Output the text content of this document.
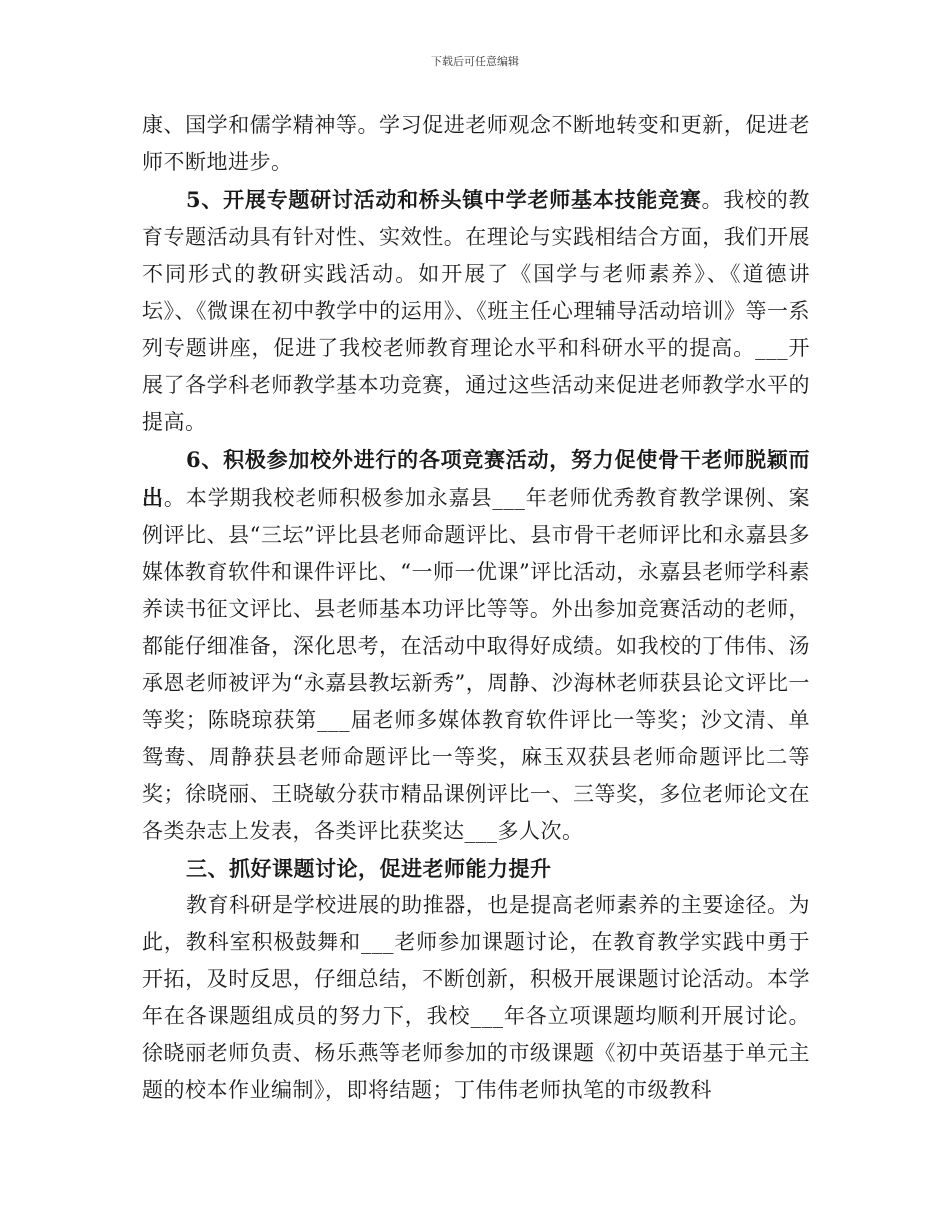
下载后可任意编辑

康、国学和儒学精神等。学习促进老师观念不断地转变和更新，促进老师不断地进步。

5、开展专题研讨活动和桥头镇中学老师基本技能竞赛。我校的教育专题活动具有针对性、实效性。在理论与实践相结合方面，我们开展不同形式的教研实践活动。如开展了《国学与老师素养》、《道德讲坛》、《微课在初中教学中的运用》、《班主任心理辅导活动培训》等一系列专题讲座，促进了我校老师教育理论水平和科研水平的提高。___开展了各学科老师教学基本功竞赛，通过这些活动来促进老师教学水平的提高。

6、积极参加校外进行的各项竞赛活动，努力促使骨干老师脱颖而出。本学期我校老师积极参加永嘉县___年老师优秀教育教学课例、案例评比、县“三坛”评比县老师命题评比、县市骨干老师评比和永嘉县多媒体教育软件和课件评比、“一师一优课”评比活动，永嘉县老师学科素养读书征文评比、县老师基本功评比等等。外出参加竞赛活动的老师，都能仔细准备，深化思考，在活动中取得好成绩。如我校的丁伟伟、汤承恩老师被评为“永嘉县教坛新秀”，周静、沙海林老师获县论文评比一等奖；陈晓琼获第___届老师多媒体教育软件评比一等奖；沙文清、单鸳鸯、周静获县老师命题评比一等奖，麻玉双获县老师命题评比二等奖；徐晓丽、王晓敏分获市精品课例评比一、三等奖，多位老师论文在各类杂志上发表，各类评比获奖达___多人次。

三、抓好课题讨论，促进老师能力提升

教育科研是学校进展的助推器，也是提高老师素养的主要途径。为此，教科室积极鼓舞和___老师参加课题讨论，在教育教学实践中勇于开拓，及时反思，仔细总结，不断创新，积极开展课题讨论活动。本学年在各课题组成员的努力下，我校___年各立项课题均顺利开展讨论。徐晓丽老师负责、杨乐燕等老师参加的市级课题《初中英语基于单元主题的校本作业编制》，即将结题；丁伟伟老师执笔的市级教科
